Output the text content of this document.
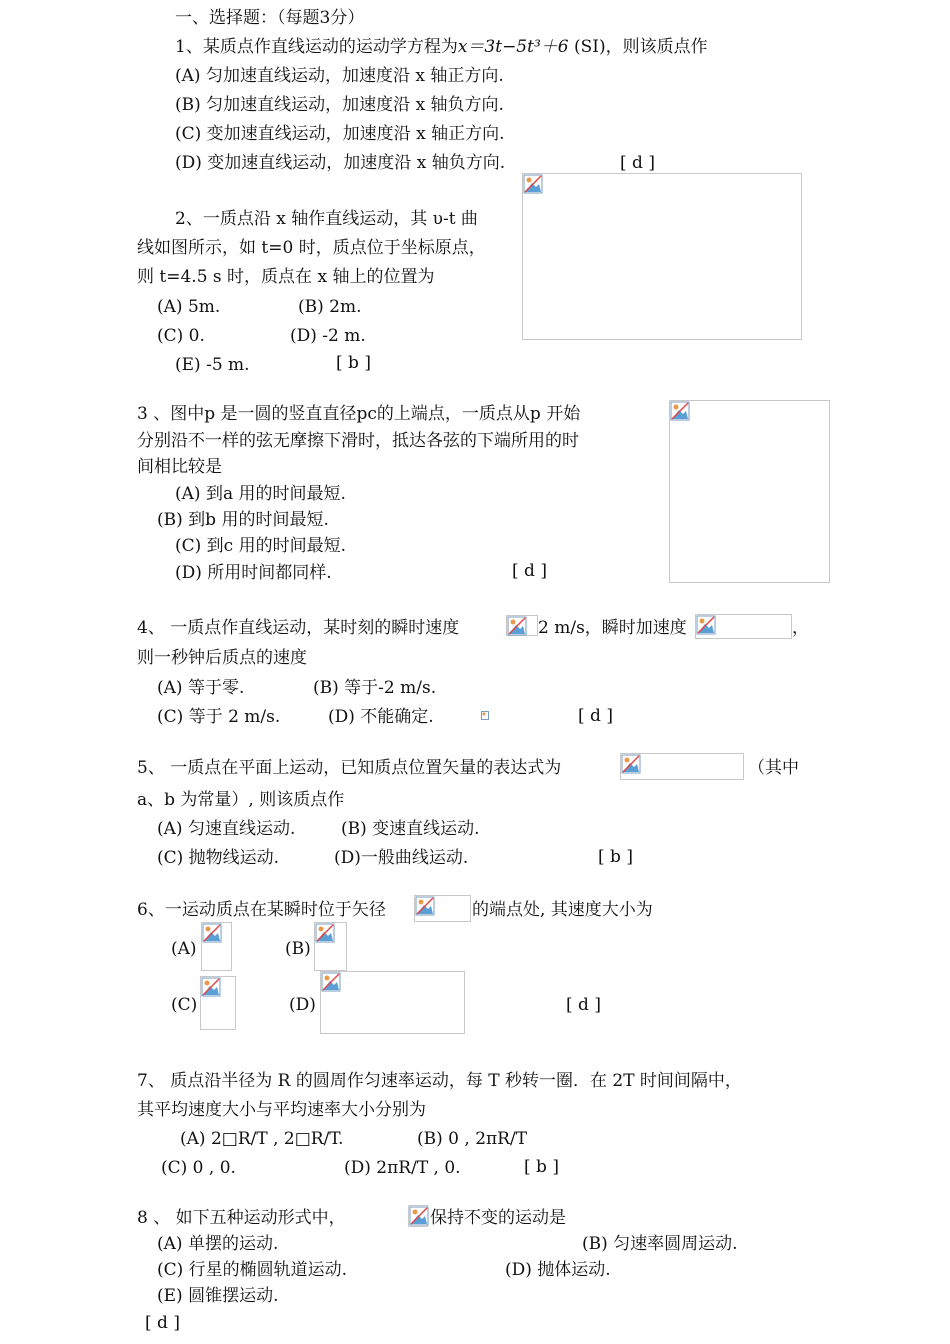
一、选择题：（每题3分）
1、某质点作直线运动的运动学方程为x＝3t−5t³＋6 (SI)，则该质点作
(A) 匀加速直线运动，加速度沿 x 轴正方向.
(B) 匀加速直线运动，加速度沿 x 轴负方向.
(C) 变加速直线运动，加速度沿 x 轴正方向.
(D) 变加速直线运动，加速度沿 x 轴负方向.	[ d ]
2、一质点沿 x 轴作直线运动，其 υ-t 曲
线如图所示，如 t=0 时，质点位于坐标原点，
则 t=4.5 s 时，质点在 x 轴上的位置为
(A) 5m.	(B) 2m.
(C) 0.	(D) -2 m.
(E) -5 m.	[ b ]
3 、图中p 是一圆的竖直直径pc的上端点，一质点从p 开始
分别沿不一样的弦无摩擦下滑时，抵达各弦的下端所用的时
间相比较是
(A) 到a 用的时间最短.
(B) 到b 用的时间最短.
(C) 到c 用的时间最短.
(D) 所用时间都同样.	[ d ]
4、 一质点作直线运动，某时刻的瞬时速度	2 m/s，瞬时加速度	，
则一秒钟后质点的速度
(A) 等于零.	(B) 等于-2 m/s.
(C) 等于 2 m/s.	(D) 不能确定.	[ d ]
5、 一质点在平面上运动，已知质点位置矢量的表达式为	（其中
a、b 为常量）, 则该质点作
(A) 匀速直线运动.	(B) 变速直线运动.
(C) 抛物线运动.	(D)一般曲线运动.	[ b ]
6、一运动质点在某瞬时位于矢径	的端点处, 其速度大小为
(A)	(B)
(C)	(D)	[ d ]
7、 质点沿半径为 R 的圆周作匀速率运动，每 T 秒转一圈．在 2T 时间间隔中，
其平均速度大小与平均速率大小分别为
(A) 2□R/T , 2□R/T.	(B) 0 , 2πR/T
(C) 0 , 0.	(D) 2πR/T , 0.	[ b ]
8 、 如下五种运动形式中，	保持不变的运动是
(A) 单摆的运动.	(B) 匀速率圆周运动.
(C) 行星的椭圆轨道运动.	(D) 抛体运动.
(E) 圆锥摆运动.
[ d ]
